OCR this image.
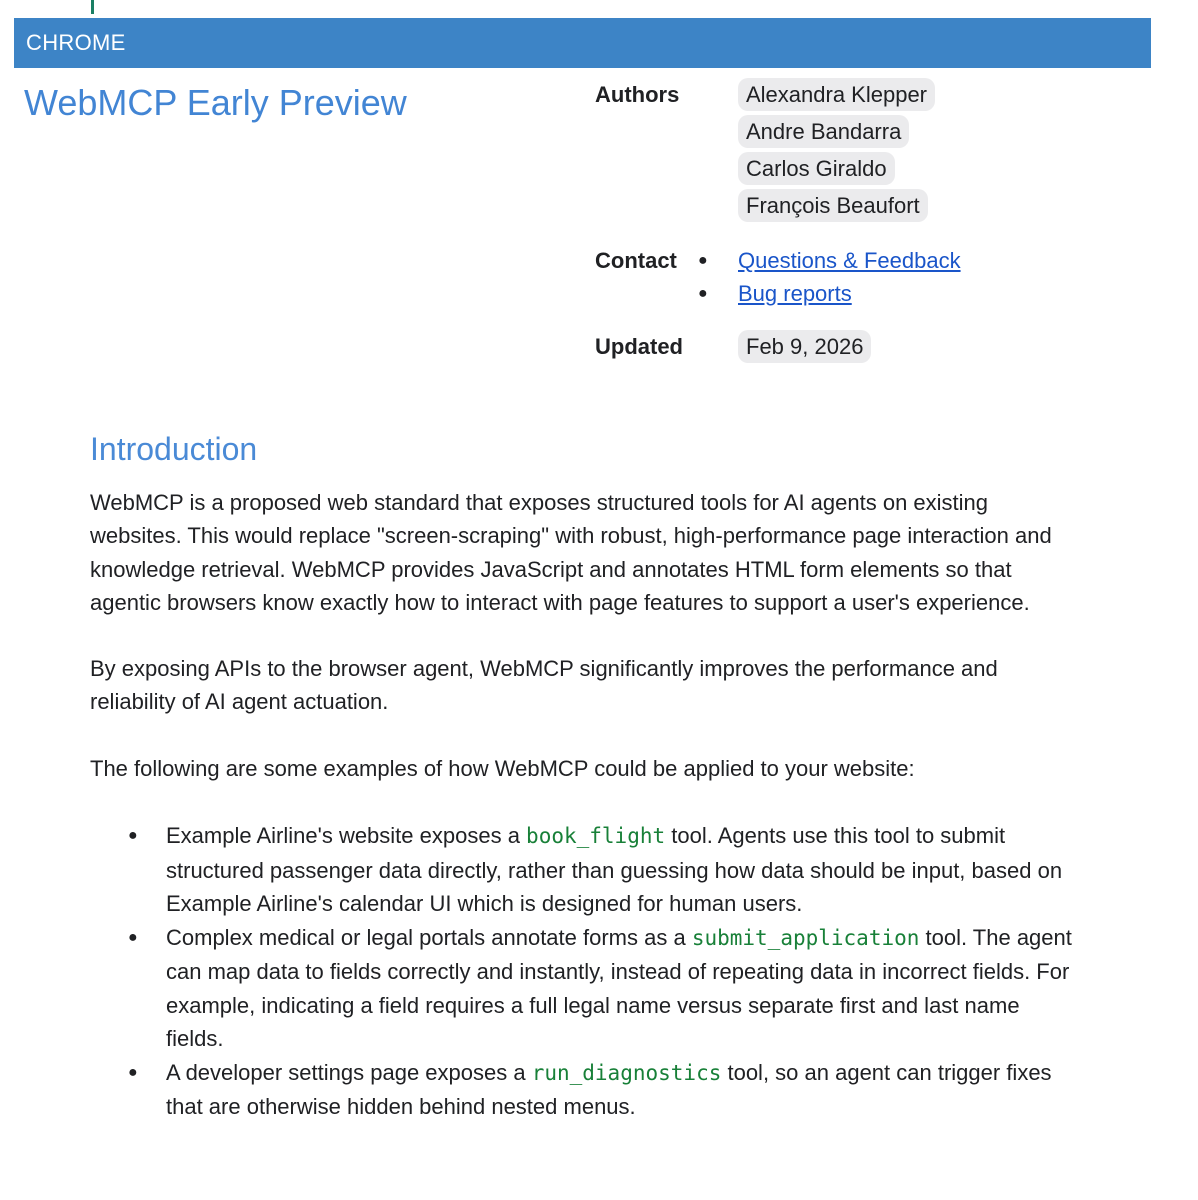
CHROME
WebMCP Early Preview	Authors	Alexandra Klepper
Andre Bandarra
Carlos Giraldo
François Beaufort
Contact	●	Questions & Feedback
●	Bug reports
Updated	Feb 9, 2026
Introduction

WebMCP is a proposed web standard that exposes structured tools for AI agents on existing websites. This would replace "screen-scraping" with robust, high-performance page interaction and knowledge retrieval. WebMCP provides JavaScript and annotates HTML form elements so that agentic browsers know exactly how to interact with page features to support a user's experience.

By exposing APIs to the browser agent, WebMCP significantly improves the performance and reliability of AI agent actuation.

The following are some examples of how WebMCP could be applied to your website:

● Example Airline's website exposes a book_flight tool. Agents use this tool to submit structured passenger data directly, rather than guessing how data should be input, based on Example Airline's calendar UI which is designed for human users.
● Complex medical or legal portals annotate forms as a submit_application tool. The agent can map data to fields correctly and instantly, instead of repeating data in incorrect fields. For example, indicating a field requires a full legal name versus separate first and last name fields.
● A developer settings page exposes a run_diagnostics tool, so an agent can trigger fixes that are otherwise hidden behind nested menus.
